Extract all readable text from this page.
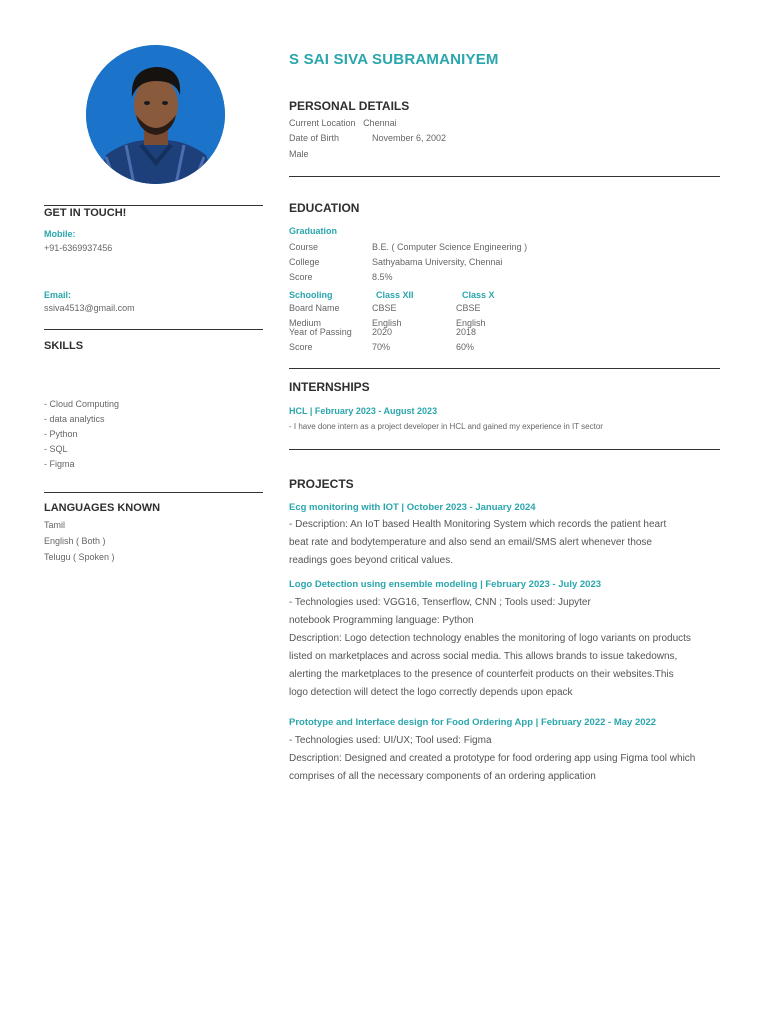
S SAI SIVA SUBRAMANIYEM
PERSONAL DETAILS
Current Location Chennai
Date of Birth	November 6, 2002
Male
GET IN TOUCH!
Mobile:
+91-6369937456
Email:
ssiva4513@gmail.com
SKILLS
- Cloud Computing
- data analytics
- Python
- SQL
- Figma
LANGUAGES KNOWN
Tamil
English ( Both )
Telugu ( Spoken )
EDUCATION
Graduation
Course	B.E. ( Computer Science Engineering )
College	Sathyabama University, Chennai
Score	8.5%
Schooling	Class XII	Class X
Board Name	CBSE	CBSE
Medium	English	English
Year of Passing 2020	2018
Score	70%	60%
INTERNSHIPS
HCL | February 2023 - August 2023
- I have done intern as a project developer in HCL and gained my experience in IT sector
PROJECTS
Ecg monitoring with IOT | October 2023 - January 2024

- Description: An IoT based Health Monitoring System which records the patient heart

beat rate and bodytemperature and also send an email/SMS alert whenever those

readings goes beyond critical values.

Logo Detection using ensemble modeling | February 2023 - July 2023

- Technologies used: VGG16, Tenserflow, CNN ; Tools used: Jupyter

notebook Programming language: Python

Description: Logo detection technology enables the monitoring of logo variants on products

listed on marketplaces and across social media. This allows brands to issue takedowns,

alerting the marketplaces to the presence of counterfeit products on their websites.This

logo detection will detect the logo correctly depends upon epack

Prototype and Interface design for Food Ordering App | February 2022 - May 2022

- Technologies used: UI/UX; Tool used: Figma

Description: Designed and created a prototype for food ordering app using Figma tool which

comprises of all the necessary components of an ordering application
